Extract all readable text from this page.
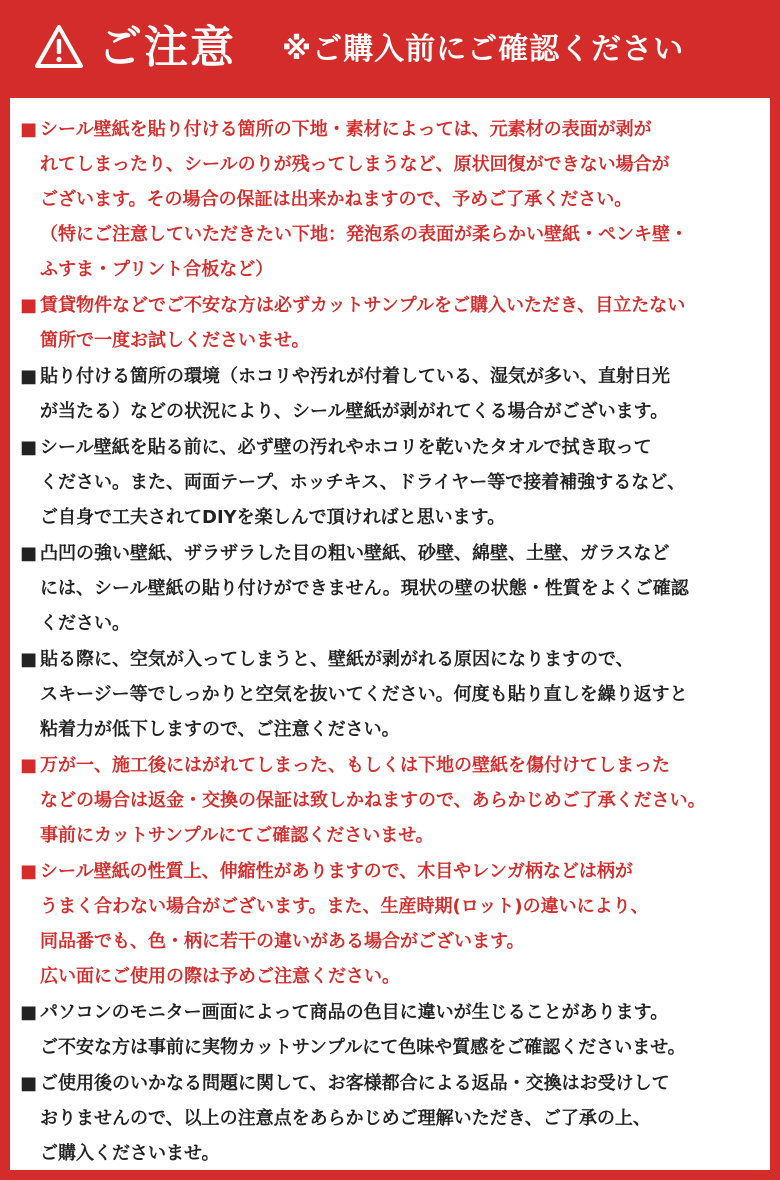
ご注意 ※ご購入前にご確認ください
■ シール壁紙を貼り付ける箇所の下地・素材によっては、元素材の表面が剥が
れてしまったり、シールのりが残ってしまうなど、原状回復ができない場合が
ございます。その場合の保証は出来かねますので、予めご了承ください。
（特にご注意していただきたい下地：発泡系の表面が柔らかい壁紙・ペンキ壁・
ふすま・プリント合板など）
■ 賃貸物件などでご不安な方は必ずカットサンプルをご購入いただき、目立たない
箇所で一度お試しくださいませ。
■ 貼り付ける箇所の環境（ホコリや汚れが付着している、湿気が多い、直射日光
が当たる）などの状況により、シール壁紙が剥がれてくる場合がございます。
■ シール壁紙を貼る前に、必ず壁の汚れやホコリを乾いたタオルで拭き取って
ください。また、両面テープ、ホッチキス、ドライヤー等で接着補強するなど、
ご自身で工夫されてDIYを楽しんで頂ければと思います。
■ 凸凹の強い壁紙、ザラザラした目の粗い壁紙、砂壁、綿壁、土壁、ガラスなど
には、シール壁紙の貼り付けができません。現状の壁の状態・性質をよくご確認
ください。
■ 貼る際に、空気が入ってしまうと、壁紙が剥がれる原因になりますので、
スキージー等でしっかりと空気を抜いてください。何度も貼り直しを繰り返すと
粘着力が低下しますので、ご注意ください。
■ 万が一、施工後にはがれてしまった、もしくは下地の壁紙を傷付けてしまった
などの場合は返金・交換の保証は致しかねますので、あらかじめご了承ください。
事前にカットサンプルにてご確認くださいませ。
■ シール壁紙の性質上、伸縮性がありますので、木目やレンガ柄などは柄が
うまく合わない場合がございます。また、生産時期(ロット)の違いにより、
同品番でも、色・柄に若干の違いがある場合がございます。
広い面にご使用の際は予めご注意ください。
■ パソコンのモニター画面によって商品の色目に違いが生じることがあります。
ご不安な方は事前に実物カットサンプルにて色味や質感をご確認くださいませ。
■ ご使用後のいかなる問題に関して、お客様都合による返品・交換はお受けして
おりませんので、以上の注意点をあらかじめご理解いただき、ご了承の上、
ご購入くださいませ。
